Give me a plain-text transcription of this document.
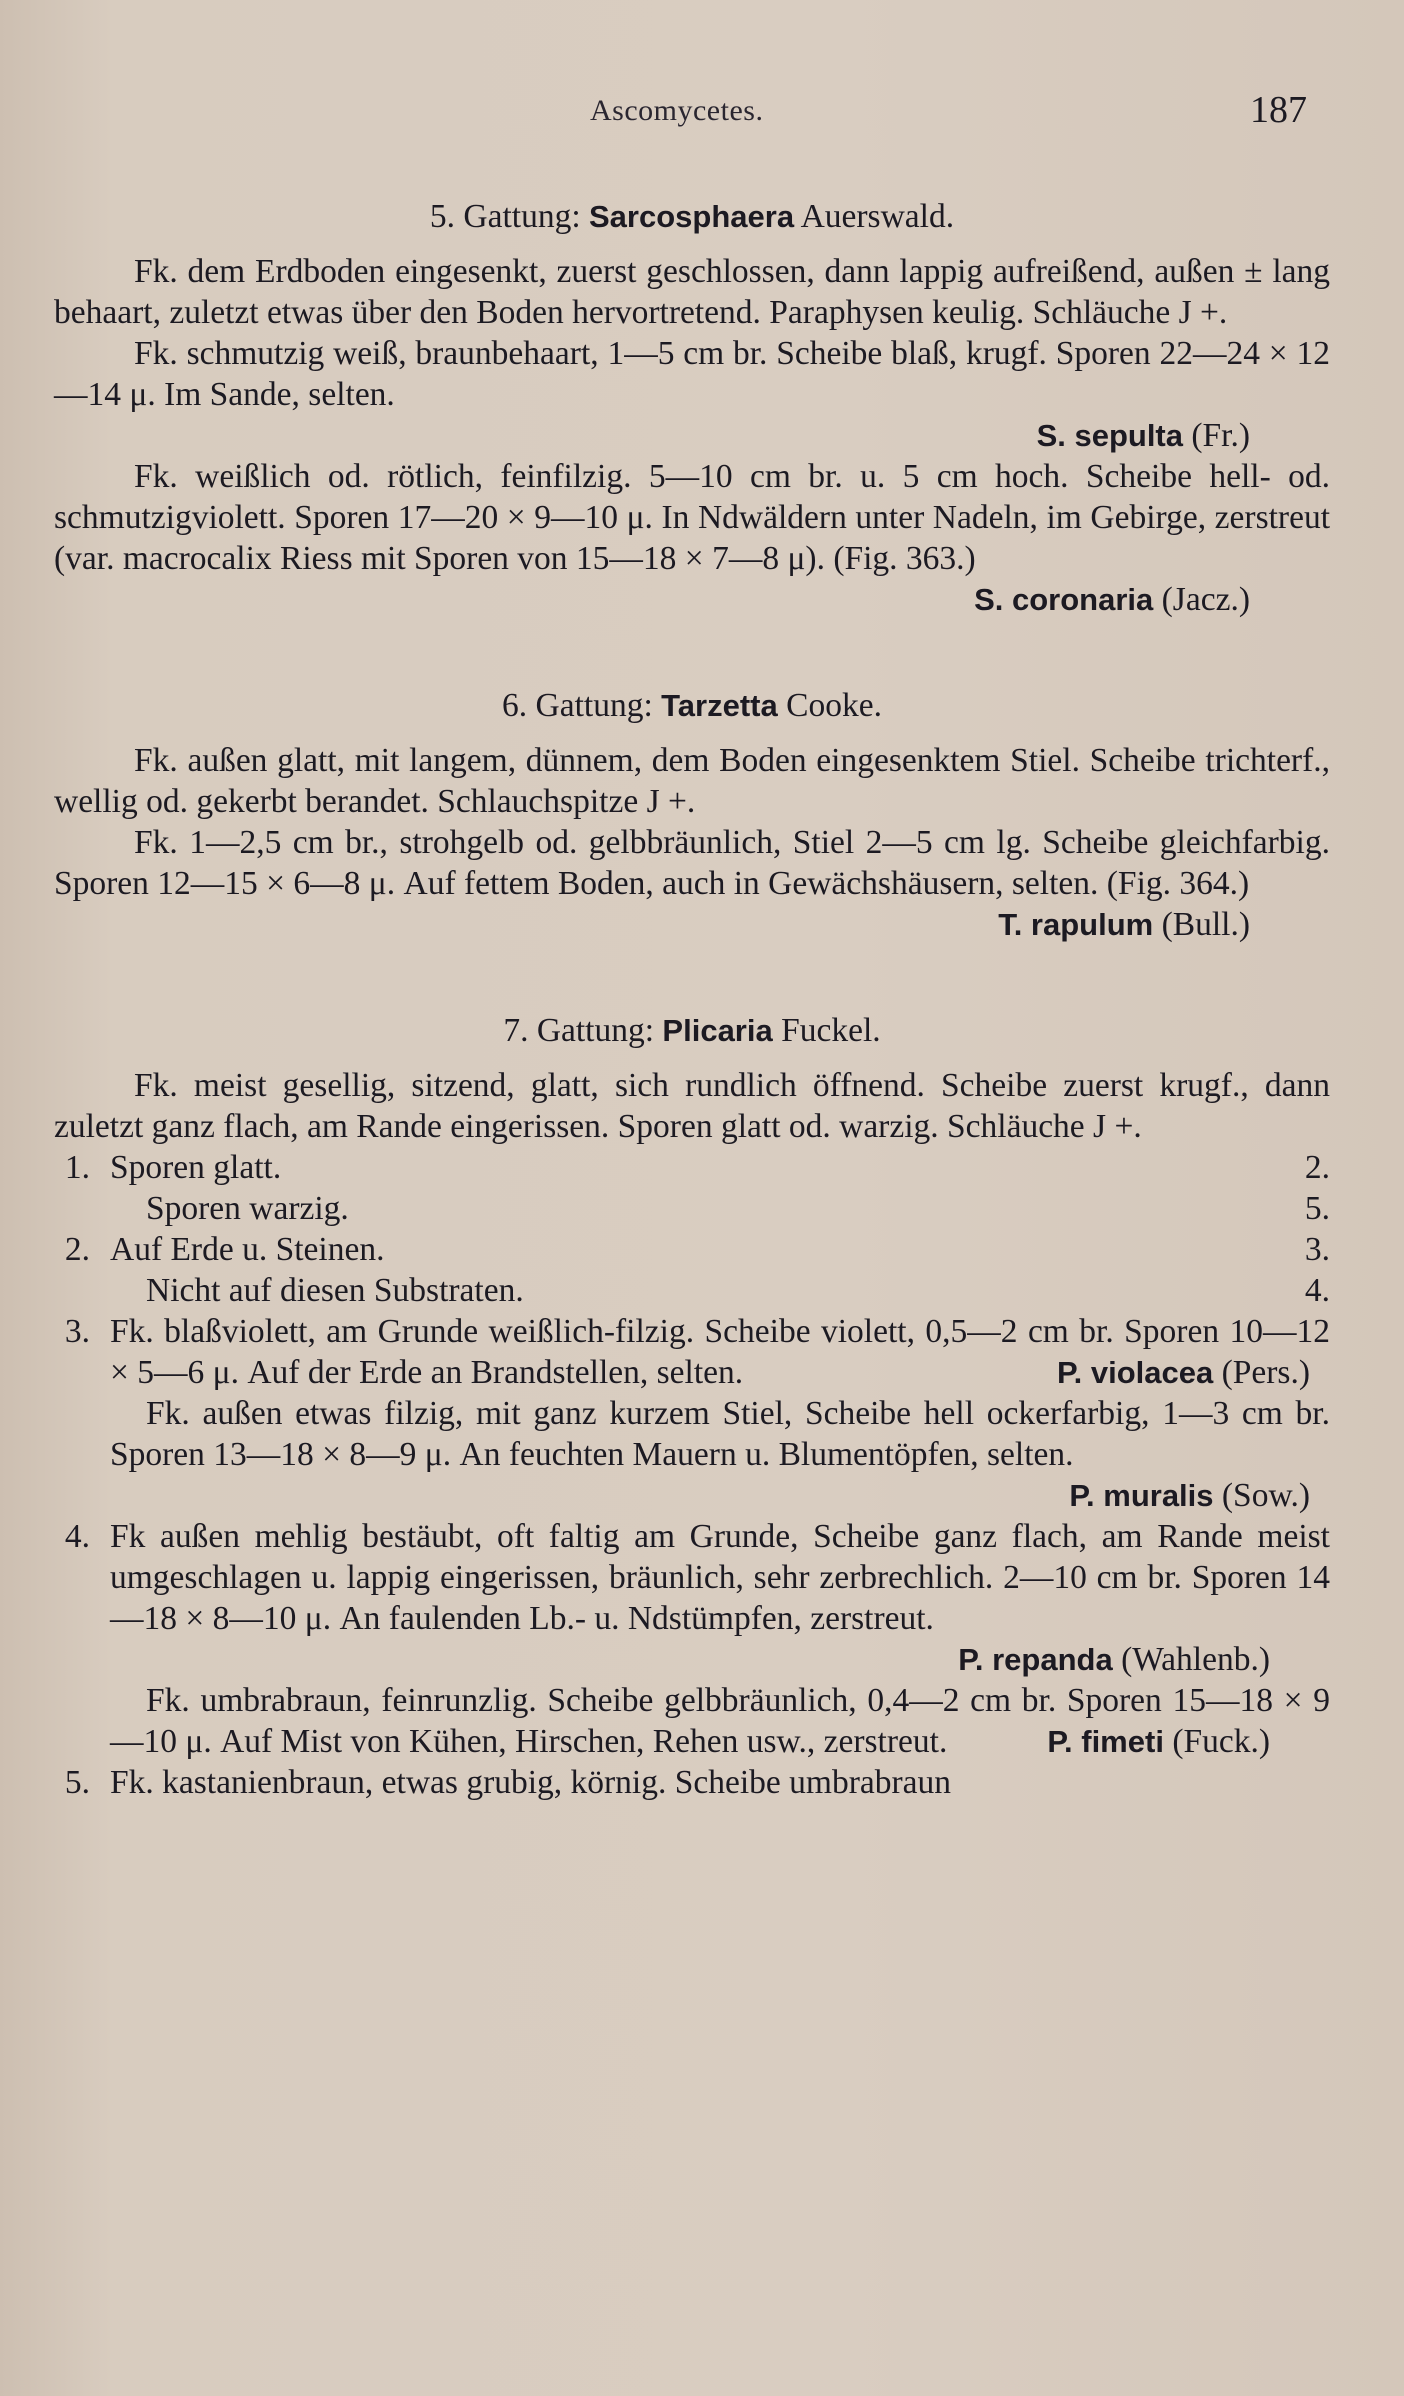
Ascomycetes.	187
5. Gattung: Sarcosphaera Auerswald.

Fk. dem Erdboden eingesenkt, zuerst geschlossen, dann lappig aufreißend, außen ± lang behaart, zuletzt etwas über den Boden hervortretend. Paraphysen keulig. Schläuche J +.

Fk. schmutzig weiß, braunbehaart, 1—5 cm br. Scheibe blaß, krugf. Sporen 22—24 × 12—14 μ. Im Sande, selten.

S. sepulta (Fr.)

Fk. weißlich od. rötlich, feinfilzig. 5—10 cm br. u. 5 cm hoch. Scheibe hell- od. schmutzigviolett. Sporen 17—20 × 9—10 μ. In Ndwäldern unter Nadeln, im Gebirge, zerstreut (var. macrocalix Riess mit Sporen von 15—18 × 7—8 μ). (Fig. 363.)

S. coronaria (Jacz.)

6. Gattung: Tarzetta Cooke.

Fk. außen glatt, mit langem, dünnem, dem Boden eingesenktem Stiel. Scheibe trichterf., wellig od. gekerbt berandet. Schlauchspitze J +.

Fk. 1—2,5 cm br., strohgelb od. gelbbräunlich, Stiel 2—5 cm lg. Scheibe gleichfarbig. Sporen 12—15 × 6—8 μ. Auf fettem Boden, auch in Gewächshäusern, selten. (Fig. 364.)

T. rapulum (Bull.)

7. Gattung: Plicaria Fuckel.

Fk. meist gesellig, sitzend, glatt, sich rundlich öffnend. Scheibe zuerst krugf., dann zuletzt ganz flach, am Rande eingerissen. Sporen glatt od. warzig. Schläuche J +.

1. Sporen glatt.	2.
Sporen warzig.	5.
2. Auf Erde u. Steinen.	3.
Nicht auf diesen Substraten.	4.
3. Fk. blaßviolett, am Grunde weißlich-filzig. Scheibe violett, 0,5—2 cm br. Sporen 10—12 × 5—6 μ. Auf der Erde an Brandstellen, selten.	P. violacea (Pers.)
Fk. außen etwas filzig, mit ganz kurzem Stiel, Scheibe hell ockerfarbig, 1—3 cm br. Sporen 13—18 × 8—9 μ. An feuchten Mauern u. Blumentöpfen, selten.
P. muralis (Sow.)
4. Fk außen mehlig bestäubt, oft faltig am Grunde, Scheibe ganz flach, am Rande meist umgeschlagen u. lappig eingerissen, bräunlich, sehr zerbrechlich. 2—10 cm br. Sporen 14—18 × 8—10 μ. An faulenden Lb.- u. Ndstümpfen, zerstreut.
P. repanda (Wahlenb.)
Fk. umbrabraun, feinrunzlig. Scheibe gelbbräunlich, 0,4—2 cm br. Sporen 15—18 × 9—10 μ. Auf Mist von Kühen, Hirschen, Rehen usw., zerstreut.	P. fimeti (Fuck.)
5. Fk. kastanienbraun, etwas grubig, körnig. Scheibe umbrabraun
